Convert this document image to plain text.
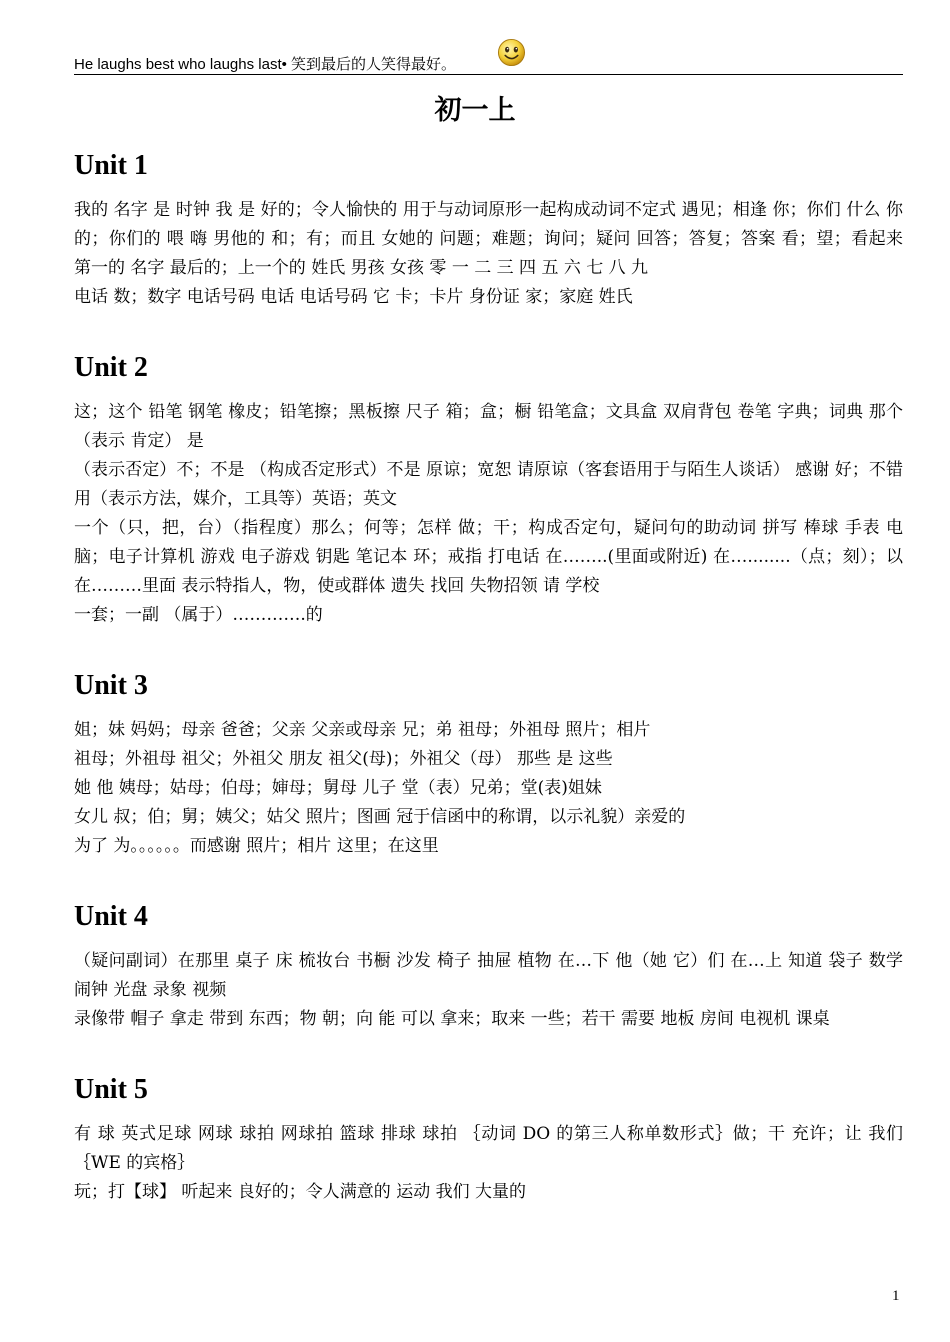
He laughs best who laughs last• 笑到最后的人笑得最好。
初一上
Unit 1

我的 名字 是 时钟 我 是 好的；令人愉快的 用于与动词原形一起构成动词不定式 遇见；相逢 你；你们 什么 你的；你们的 喂 嗨 男他的 和；有；而且 女她的 问题；难题；询问；疑问 回答；答复；答案 看；望；看起来 第一的 名字 最后的；上一个的 姓氏 男孩 女孩 零 一 二 三 四 五 六 七 八 九

电话 数；数字 电话号码 电话 电话号码 它 卡；卡片 身份证 家；家庭 姓氏

Unit 2

这；这个 铅笔 钢笔 橡皮；铅笔擦；黑板擦 尺子 箱；盒；橱 铅笔盒；文具盒 双肩背包 卷笔 字典；词典 那个 （表示 肯定） 是

（表示否定）不；不是 （构成否定形式）不是 原谅；宽恕 请原谅（客套语用于与陌生人谈话） 感谢 好；不错 用（表示方法，媒介，工具等）英语；英文

一个（只，把，台）（指程度）那么；何等；怎样 做；干；构成否定句，疑问句的助动词 拼写 棒球 手表 电脑；电子计算机 游戏 电子游戏 钥匙 笔记本 环；戒指 打电话 在……..(里面或附近) 在…........（点；刻）；以 在………里面 表示特指人，物，使或群体 遗失 找回 失物招领 请 学校

一套；一副 （属于）………….的

Unit 3

姐；妹 妈妈；母亲 爸爸；父亲 父亲或母亲 兄；弟 祖母；外祖母 照片；相片

祖母；外祖母 祖父；外祖父 朋友 祖父(母)；外祖父（母） 那些 是 这些

她 他 姨母；姑母；伯母；婶母；舅母 儿子 堂（表）兄弟；堂(表)姐妹

女儿 叔；伯；舅；姨父；姑父 照片；图画 冠于信函中的称谓，以示礼貌）亲爱的

为了 为。。。。。。而感谢 照片；相片 这里；在这里

Unit 4

（疑问副词）在那里 桌子 床 梳妆台 书橱 沙发 椅子 抽屉 植物 在…下 他（她 它）们 在…上 知道 袋子 数学 闹钟 光盘 录象 视频

录像带 帽子 拿走 带到 东西；物 朝；向 能 可以 拿来；取来 一些；若干 需要 地板 房间 电视机 课桌

Unit 5

有 球 英式足球 网球 球拍 网球拍 篮球 排球 球拍 ｛动词 DO 的第三人称单数形式｝做；干 充许；让 我们｛WE 的宾格｝

玩；打【球】 听起来 良好的；令人满意的 运动 我们 大量的

1
